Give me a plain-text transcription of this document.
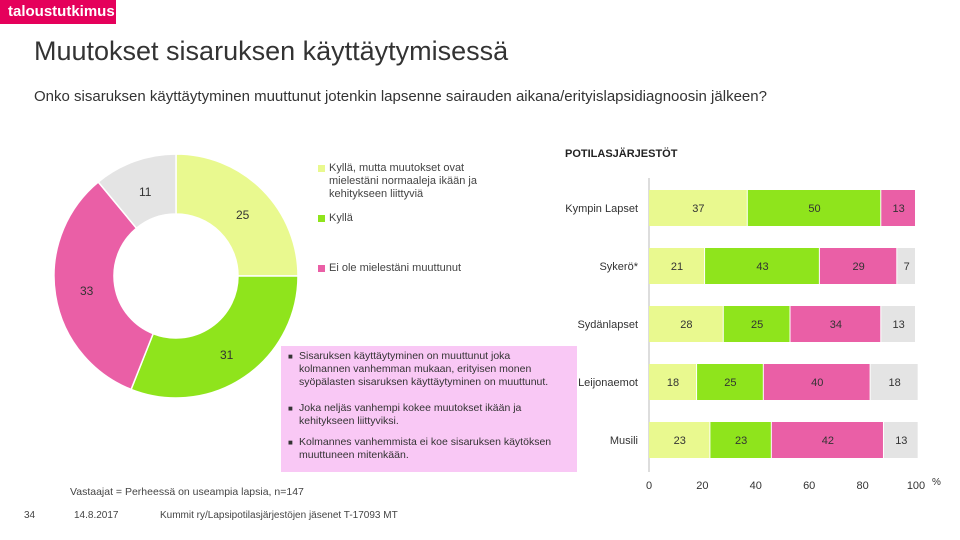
taloustutkimus
Muutokset sisaruksen käyttäytymisessä
Onko sisaruksen käyttäytyminen muuttunut jotenkin lapsenne sairauden aikana/erityislapsidiagnoosin jälkeen?
25
31
33
11

Kyllä, mutta muutokset ovat
mielestäni normaaleja ikään ja
kehitykseen liittyviä

Kyllä

Ei ole mielestäni muuttunut

■ Sisaruksen käyttäytyminen on muuttunut joka
kolmannen vanhemman mukaan, erityisen monen
syöpälasten sisaruksen käyttäytyminen on muuttunut.

■ Joka neljäs vanhempi kokee muutokset ikään ja
kehitykseen liittyviksi.

■ Kolmannes vanhemmista ei koe sisaruksen käytöksen
muuttuneen mitenkään.

POTILASJÄRJESTÖT
Kympin Lapset	37	50	13
Sykerö*	21	43	29	7
Sydänlapset	28	25	34	13
Leijonaemot	18	25	40	18
Musili	23	23	42	13
0	20	40	60	80	100 %
Vastaajat = Perheessä on useampia lapsia, n=147
34	14.8.2017	Kummit ry/Lapsipotilasjärjestöjen jäsenet T-17093 MT
